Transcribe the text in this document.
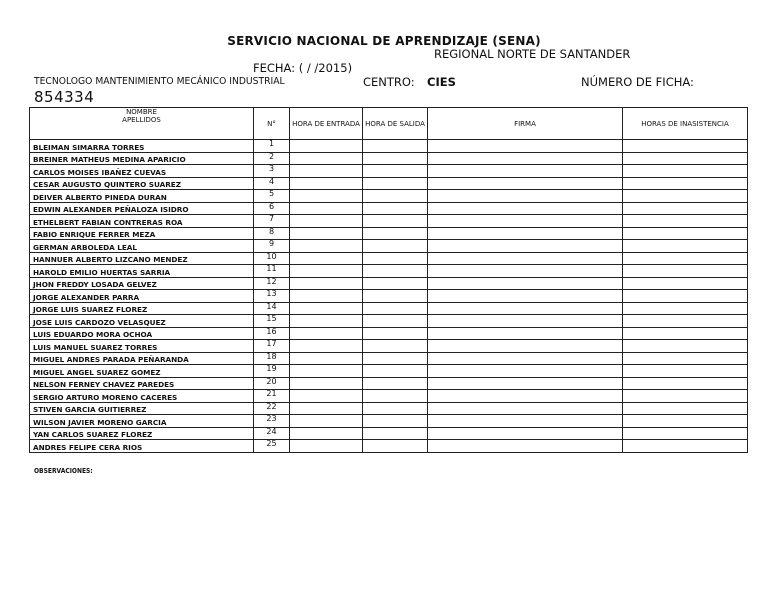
SERVICIO NACIONAL DE APRENDIZAJE (SENA)
REGIONAL NORTE DE SANTANDER
FECHA: ( / /2015)
TECNOLOGO MANTENIMIENTO MECÁNICO INDUSTRIAL	CENTRO: CIES	NÚMERO DE FICHA:
854334
NOMBRE
APELLIDOS	N°	HORA DE ENTRADA	HORA DE SALIDA	FIRMA	HORAS DE INASISTENCIA
BLEIMAN SIMARRA TORRES	1				
BREINER MATHEUS MEDINA APARICIO	2				
CARLOS MOISES IBAÑEZ CUEVAS	3				
CESAR AUGUSTO QUINTERO SUAREZ	4				
DEIVER ALBERTO PINEDA DURAN	5				
EDWIN ALEXANDER PEÑALOZA ISIDRO	6				
ETHELBERT FABIAN CONTRERAS ROA	7				
FABIO ENRIQUE FERRER MEZA	8				
GERMAN ARBOLEDA LEAL	9				
HANNUER ALBERTO LIZCANO MENDEZ	10				
HAROLD EMILIO HUERTAS SARRIA	11				
JHON FREDDY LOSADA GELVEZ	12				
JORGE ALEXANDER PARRA	13				
JORGE LUIS SUAREZ FLOREZ	14				
JOSE LUIS CARDOZO VELASQUEZ	15				
LUIS EDUARDO MORA OCHOA	16				
LUIS MANUEL SUAREZ TORRES	17				
MIGUEL ANDRES PARADA PEÑARANDA	18				
MIGUEL ANGEL SUAREZ GOMEZ	19				
NELSON FERNEY CHAVEZ PAREDES	20				
SERGIO ARTURO MORENO CACERES	21				
STIVEN GARCIA GUITIERREZ	22				
WILSON JAVIER MORENO GARCIA	23				
YAN CARLOS SUAREZ FLOREZ	24				
ANDRES FELIPE CERA RIOS	25				
OBSERVACIONES:
